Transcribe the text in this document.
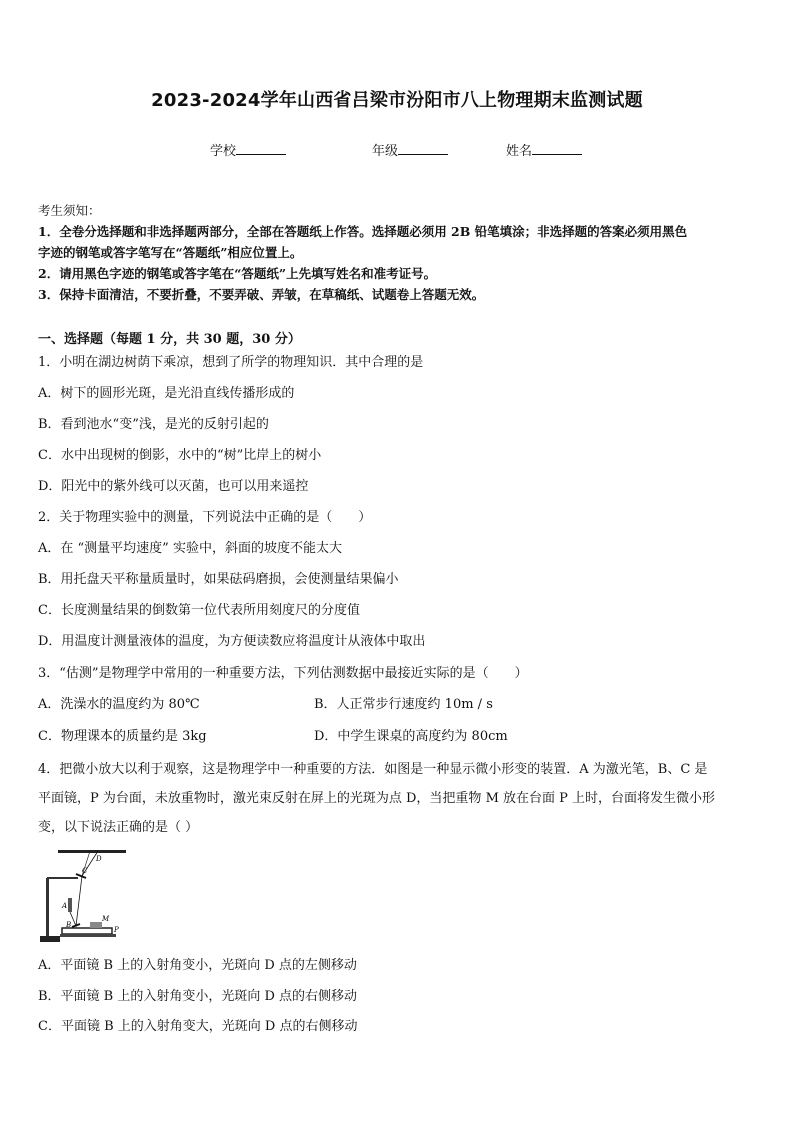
2023-2024学年山西省吕梁市汾阳市八上物理期末监测试题
学校	年级	姓名
考生须知：
1．全卷分选择题和非选择题两部分，全部在答题纸上作答。选择题必须用 2B 铅笔填涂；非选择题的答案必须用黑色
字迹的钢笔或答字笔写在“答题纸”相应位置上。
2．请用黑色字迹的钢笔或答字笔在“答题纸”上先填写姓名和准考证号。
3．保持卡面清洁，不要折叠，不要弄破、弄皱，在草稿纸、试题卷上答题无效。
一、选择题（每题 1 分，共 30 题，30 分）
1．小明在湖边树荫下乘凉，想到了所学的物理知识．其中合理的是
A．树下的圆形光斑，是光沿直线传播形成的
B．看到池水“变”浅，是光的反射引起的
C．水中出现树的倒影，水中的“树”比岸上的树小
D．阳光中的紫外线可以灭菌，也可以用来遥控
2．关于物理实验中的测量，下列说法中正确的是（　　）
A．在 “测量平均速度” 实验中，斜面的坡度不能太大
B．用托盘天平称量质量时，如果砝码磨损，会使测量结果偏小
C．长度测量结果的倒数第一位代表所用刻度尺的分度值
D．用温度计测量液体的温度，为方便读数应将温度计从液体中取出
3．“估测”是物理学中常用的一种重要方法，下列估测数据中最接近实际的是（　　）
A．洗澡水的温度约为 80℃	B．人正常步行速度约 10m / s
C．物理课本的质量约是 3kg	D．中学生课桌的高度约为 80cm
4．把微小放大以利于观察，这是物理学中一种重要的方法．如图是一种显示微小形变的装置．A 为激光笔，B、C 是
平面镜，P 为台面，未放重物时，激光束反射在屏上的光斑为点 D，当把重物 M 放在台面 P 上时，台面将发生微小形
变，以下说法正确的是（ ）
D
C
A
B
M
P
A．平面镜 B 上的入射角变小，光斑向 D 点的左侧移动
B．平面镜 B 上的入射角变小，光斑向 D 点的右侧移动
C．平面镜 B 上的入射角变大，光斑向 D 点的右侧移动
